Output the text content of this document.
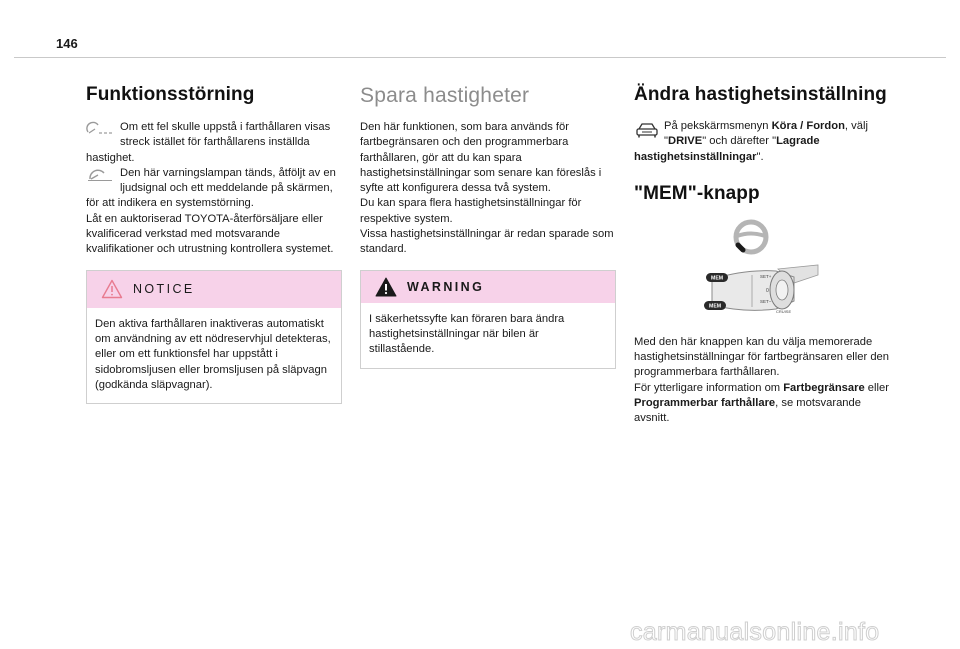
146
Funktionsstörning

Om ett fel skulle uppstå i farthållaren visas streck istället för farthållarens inställda hastighet.

Den här varningslampan tänds, åtföljt av en ljudsignal och ett meddelande på skärmen, för att indikera en systemstörning.

Låt en auktoriserad TOYOTA-återförsäljare eller kvalificerad verkstad med motsvarande kvalifikationer och utrustning kontrollera systemet.

NOTICE

Den aktiva farthållaren inaktiveras automatiskt om användning av ett nödreservhjul detekteras, eller om ett funktionsfel har uppstått i sidobromsljusen eller bromsljusen på släpvagn (godkända släpvagnar).

Spara hastigheter

Den här funktionen, som bara används för fartbegränsaren och den programmerbara farthållaren, gör att du kan spara hastighetsinställningar som senare kan föreslås i syfte att konfigurera dessa två system.

Du kan spara flera hastighetsinställningar för respektive system.

Vissa hastighetsinställningar är redan sparade som standard.

WARNING

I säkerhetssyfte kan föraren bara ändra hastighetsinställningar när bilen är stillastående.

Ändra hastighetsinställning

På pekskärmsmenyn Köra / Fordon, välj "DRIVE" och därefter "Lagrade hastighetsinställningar".

"MEM"-knapp
SET+
SET−
0
CRUISE
MEM
MEM

Med den här knappen kan du välja memorerade hastighetsinställningar för fartbegränsaren eller den programmerbara farthållaren.

För ytterligare information om Fartbegränsare eller Programmerbar farthållare, se motsvarande avsnitt.

carmanualsonline.info
